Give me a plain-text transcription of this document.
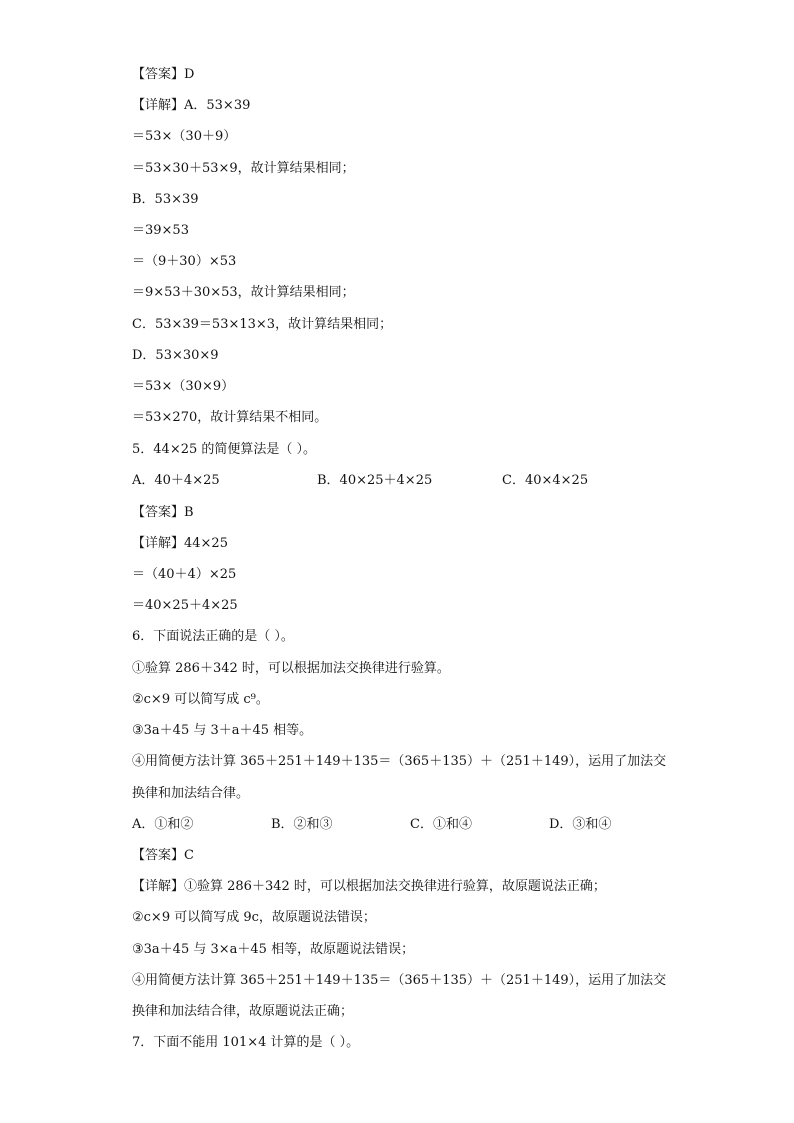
【答案】D
【详解】A．53×39
＝53×（30＋9）
＝53×30＋53×9，故计算结果相同；
B．53×39
＝39×53
＝（9＋30）×53
＝9×53＋30×53，故计算结果相同；
C．53×39＝53×13×3，故计算结果相同；
D．53×30×9
＝53×（30×9）
＝53×270，故计算结果不相同。
5．44×25 的简便算法是（ ）。
A．40＋4×25	B．40×25＋4×25	C．40×4×25
【答案】B
【详解】44×25
＝（40＋4）×25
＝40×25＋4×25
6．下面说法正确的是（ ）。
①验算 286＋342 时，可以根据加法交换律进行验算。
②c×9 可以简写成 c⁹。
③3a＋45 与 3＋a＋45 相等。
④用简便方法计算 365＋251＋149＋135＝（365＋135）＋（251＋149），运用了加法交
换律和加法结合律。
A．①和②	B．②和③	C．①和④	D．③和④
【答案】C
【详解】①验算 286＋342 时，可以根据加法交换律进行验算，故原题说法正确；
②c×9 可以简写成 9c，故原题说法错误；
③3a＋45 与 3×a＋45 相等，故原题说法错误；
④用简便方法计算 365＋251＋149＋135＝（365＋135）＋（251＋149），运用了加法交
换律和加法结合律，故原题说法正确；
7．下面不能用 101×4 计算的是（ ）。
